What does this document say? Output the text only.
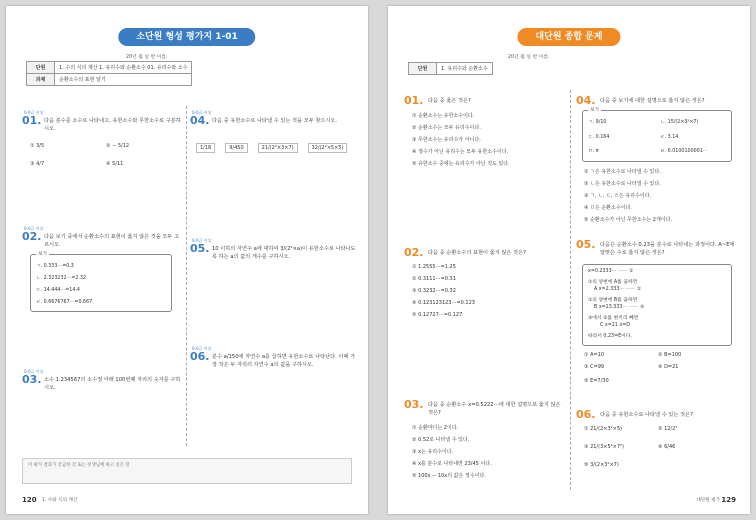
소단원 형성 평가지 1-01
20년 월 일 반 이름:
단원	1. 수의 식의 계산 1. 유리수와 순환소수 01. 유리수와 소수
과제	순환소수의 표현 알기
0-0급 이상
01. 다음 분수를 소수로 나타내고, 유한소수와 무한소수로 구분하시오.
① 3/5	② − 5/12
③ 4/7	④ 5/11
0-0급 이상
02. 다음 보기 중에서 순환소수의 표현이 옳지 않은 것을 모두 고르시오.
보기
ㄱ. 0.333⋯=0.3̇
ㄴ. 2.323232⋯=2.3̇2̇
ㄷ. 14.444⋯=14.4̇
ㄹ. 0.6676767⋯=0.667̇
0-0급 이상
03. 소수 1.234567의 소수점 아래 100번째 자리의 숫자를 구하시오.
0-0급 이상
04. 다음 중 유한소수로 나타낼 수 있는 것을 모두 찾으시오.
1/18	9/450	21/(2²×3×7)	32/(2²×5×5)
0-0급 이상
05. 10 이하의 자연수 a에 대하여 3/(2²×a)이 유한소수로 나타나도록 하는 a의 값의 개수를 구하시오.
0-0급 이상
06. 분수 a/150에 자연수 a를 곱하면 유한소수로 나타난다. 이때 가장 작은 두 자리의 자연수 a의 값을 구하시오.
이 평가 결과가 궁금한 것 또는 선생님께 하고 싶은 말
120 1. 수와 식의 계산
대단원 종합 문제
20년 월 일 반 이름:
단원	1. 유리수와 순환소수
01. 다음 중 옳은 것은?
① 순환소수는 유한소수이다.
② 순환소수는 모두 유리수이다.
③ 무한소수는 유리수가 아니다.
④ 정수가 아닌 유리수는 모두 유한소수이다.
⑤ 유한소수 중에는 유리수가 아닌 것도 있다.
02. 다음 중 순환소수의 표현이 옳지 않은 것은?
① 1.2555⋯=1.25̇
② 0.3111⋯=0.31̇
③ 0.3232⋯=0.3̇2̇
④ 0.123123123⋯=0.1̇23̇
⑤ 0.12727⋯=0.12̇7̇
03. 다음 중 순환소수 x=0.5222⋯에 대한 설명으로 옳지 않은 것은?
① 순환마디는 2이다.
② 0.52̇로 나타낼 수 있다.
③ x는 유리수이다.
④ x를 분수로 나타내면 23/45 이다.
⑤ 100x − 10x의 값은 정수이다.
04. 다음 중 보기에 대한 설명으로 옳지 않은 것은?
보기
ㄱ. 9/10	ㄴ. 15/(2×3²×7)
ㄷ. 0.16̇4̇	ㄹ. 3.14
ㅁ. π	ㅂ. 0.0100100001⋯
① ㄱ은 유한소수로 나타낼 수 있다.
② ㄴ은 유한소수로 나타낼 수 있다.
③ ㄱ, ㄴ, ㄷ, ㄹ은 유리수이다.
④ ㅁ은 순환소수이다.
⑤ 순환소수가 아닌 무한소수는 2개이다.
05. 다음은 순환소수 0.23을 분수로 나타내는 과정이다. A~E에 알맞은 수로 옳지 않은 것은?
x=0.2333⋯ ⋯⋯ ①
①의 양변에 A를 곱하면
A x=2.333⋯ ⋯⋯ ②
①의 양변에 B를 곱하면
B x=23.333⋯ ⋯⋯ ③
③에서 ②를 변끼리 빼면
C x=21 x=D
따라서 0.23̇=E이다.
① A=10	② B=100
③ C=99	④ D=21
⑤ E=7/30
06. 다음 중 유한소수로 나타낼 수 있는 것은?
① 21/(2×3²×5)	② 12/2⁷
③ 21/(3×5²×7²)	④ 6/46
⑤ 3/(2×3²×7)
대단원 평가 129
